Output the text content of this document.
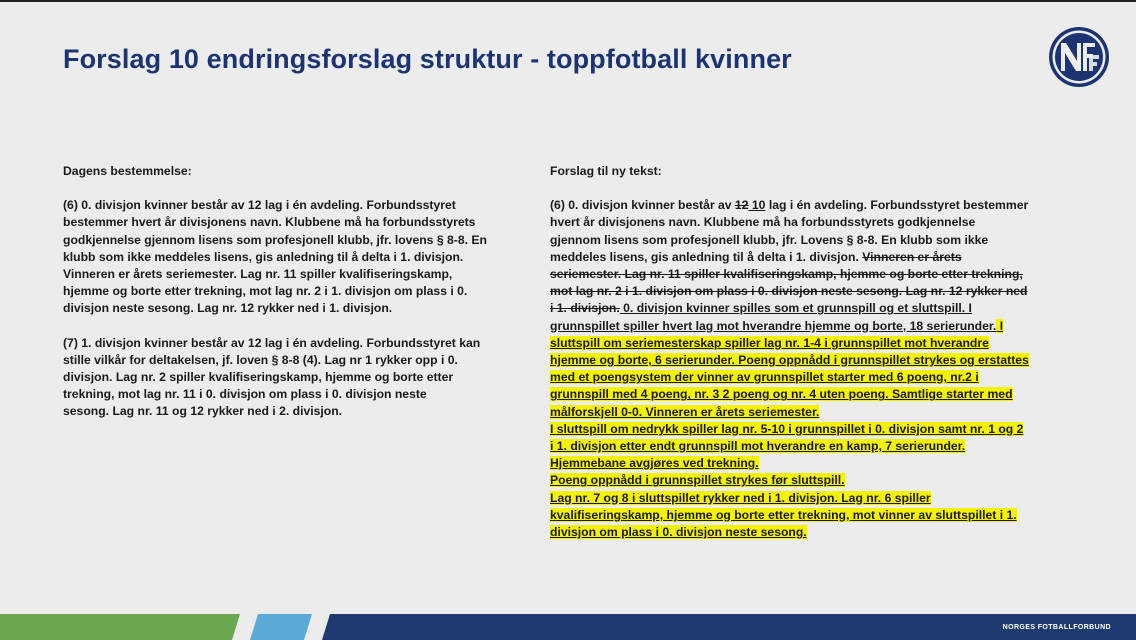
Forslag 10 endringsforslag struktur - toppfotball kvinner
Dagens bestemmelse:
(6) 0. divisjon kvinner består av 12 lag i én avdeling. Forbundsstyret
bestemmer hvert år divisjonens navn. Klubbene må ha forbundsstyrets
godkjennelse gjennom lisens som profesjonell klubb, jfr. lovens § 8-8. En
klubb som ikke meddeles lisens, gis anledning til å delta i 1. divisjon.
Vinneren er årets seriemester. Lag nr. 11 spiller kvalifiseringskamp,
hjemme og borte etter trekning, mot lag nr. 2 i 1. divisjon om plass i 0.
divisjon neste sesong. Lag nr. 12 rykker ned i 1. divisjon.
(7) 1. divisjon kvinner består av 12 lag i én avdeling. Forbundsstyret kan
stille vilkår for deltakelsen, jf. loven § 8-8 (4). Lag nr 1 rykker opp i 0.
divisjon. Lag nr. 2 spiller kvalifiseringskamp, hjemme og borte etter
trekning, mot lag nr. 11 i 0. divisjon om plass i 0. divisjon neste
sesong. Lag nr. 11 og 12 rykker ned i 2. divisjon.
Forslag til ny tekst:
(6) 0. divisjon kvinner består av 12 10 lag i én avdeling. Forbundsstyret bestemmer
hvert år divisjonens navn. Klubbene må ha forbundsstyrets godkjennelse
gjennom lisens som profesjonell klubb, jfr. Lovens § 8-8. En klubb som ikke
meddeles lisens, gis anledning til å delta i 1. divisjon. Vinneren er årets
seriemester. Lag nr. 11 spiller kvalifiseringskamp, hjemme og borte etter trekning,
mot lag nr. 2 i 1. divisjon om plass i 0. divisjon neste sesong. Lag nr. 12 rykker ned
i 1. divisjon. 0. divisjon kvinner spilles som et grunnspill og et sluttspill. I
grunnspillet spiller hvert lag mot hverandre hjemme og borte, 18 serierunder. I
sluttspill om seriemesterskap spiller lag nr. 1-4 i grunnspillet mot hverandre
hjemme og borte, 6 serierunder. Poeng oppnådd i grunnspillet strykes og erstattes
med et poengsystem der vinner av grunnspillet starter med 6 poeng, nr.2 i
grunnspill med 4 poeng, nr. 3 2 poeng og nr. 4 uten poeng. Samtlige starter med
målforskjell 0-0. Vinneren er årets seriemester.
I sluttspill om nedrykk spiller lag nr. 5-10 i grunnspillet i 0. divisjon samt nr. 1 og 2
i 1. divisjon etter endt grunnspill mot hverandre en kamp, 7 serierunder.
Hjemmebane avgjøres ved trekning.
Poeng oppnådd i grunnspillet strykes før sluttspill.
Lag nr. 7 og 8 i sluttspillet rykker ned i 1. divisjon. Lag nr. 6 spiller
kvalifiseringskamp, hjemme og borte etter trekning, mot vinner av sluttspillet i 1.
divisjon om plass i 0. divisjon neste sesong.
NORGES FOTBALLFORBUND
